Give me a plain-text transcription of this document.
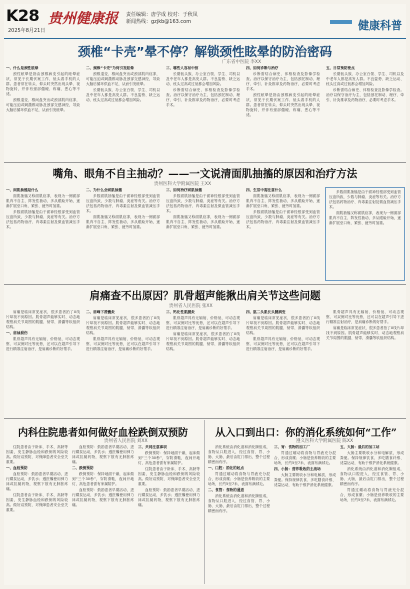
K28 贵州健康报
2025年8月21日
责任编辑：唐学成 校对：于秋凤
新闻热线：gzjkb@163.com	健康科普
颈椎“卡壳”晕不停？解锁颈性眩晕的防治密码
广东省中医院 李XX

一、什么是颈性眩晕

颈性眩晕是指由颈椎病变引起的眩晕症状，常见于长期伏案工作、低头看手机的人群。患者常在转头、仰头时突然出现头晕、视物旋转，并伴有颈部僵硬、疼痛、恶心等不适。

颈椎退变、椎间盘突出或颈部肌肉痉挛，可能压迫或刺激椎动脉及颈部交感神经，导致大脑后循环供血不足，从而引发眩晕。

二、颈椎“卡壳”为何引发眩晕

颈椎退变、椎间盘突出或颈部肌肉痉挛，可能压迫或刺激椎动脉及颈部交感神经，导致大脑后循环供血不足，从而引发眩晕。

长期低头族、办公室白领、学生、司机以及中老年人都是高发人群。不良姿势、缺乏运动、枕头过高或过低都会增加风险。

三、哪些人容易中招

长期低头族、办公室白领、学生、司机以及中老年人都是高发人群。不良姿势、缺乏运动、枕头过高或过低都会增加风险。

诊断需结合病史、体格检查及影像学检查。治疗以保守治疗为主，包括颈托制动、理疗、牵引、针灸推拿及药物治疗，必要时考虑手术。

四、如何诊断与治疗

诊断需结合病史、体格检查及影像学检查。治疗以保守治疗为主，包括颈托制动、理疗、牵引、针灸推拿及药物治疗，必要时考虑手术。

颈性眩晕是指由颈椎病变引起的眩晕症状，常见于长期伏案工作、低头看手机的人群。患者常在转头、仰头时突然出现头晕、视物旋转，并伴有颈部僵硬、疼痛、恶心等不适。

五、日常预防要点

长期低头族、办公室白领、学生、司机以及中老年人都是高发人群。不良姿势、缺乏运动、枕头过高或过低都会增加风险。

诊断需结合病史、体格检查及影像学检查。治疗以保守治疗为主，包括颈托制动、理疗、牵引、针灸推拿及药物治疗，必要时考虑手术。

嘴角、眼角不自主抽动？——一文说清面肌抽搐的原因和治疗方法
贵州医科大学附属医院 王XX

一、面肌抽搐是什么

面肌抽搐又称面肌痉挛，表现为一侧面部肌肉不自主、阵发性抽动，多从眼睑开始，逐渐扩展至口角，紧张、疲劳时加重。

多数面肌抽搐是由于面神经根部受到血管压迫所致，少数与肿瘤、炎症等有关。治疗方法包括药物治疗、肉毒素注射及微血管减压手术。

二、为什么会面肌抽搐

多数面肌抽搐是由于面神经根部受到血管压迫所致，少数与肿瘤、炎症等有关。治疗方法包括药物治疗、肉毒素注射及微血管减压手术。

面肌抽搐又称面肌痉挛，表现为一侧面部肌肉不自主、阵发性抽动，多从眼睑开始，逐渐扩展至口角，紧张、疲劳时加重。

三、如何治疗面肌抽搐

多数面肌抽搐是由于面神经根部受到血管压迫所致，少数与肿瘤、炎症等有关。治疗方法包括药物治疗、肉毒素注射及微血管减压手术。

面肌抽搐又称面肌痉挛，表现为一侧面部肌肉不自主、阵发性抽动，多从眼睑开始，逐渐扩展至口角，紧张、疲劳时加重。

四、生活中需注意什么

面肌抽搐又称面肌痉挛，表现为一侧面部肌肉不自主、阵发性抽动，多从眼睑开始，逐渐扩展至口角，紧张、疲劳时加重。

多数面肌抽搐是由于面神经根部受到血管压迫所致，少数与肿瘤、炎症等有关。治疗方法包括药物治疗、肉毒素注射及微血管减压手术。

多数面肌抽搐是由于面神经根部受到血管压迫所致，少数与肿瘤、炎症等有关。治疗方法包括药物治疗、肉毒素注射及微血管减压手术。

面肌抽搐又称面肌痉挛，表现为一侧面部肌肉不自主、阵发性抽动，多从眼睑开始，逐渐扩展至口角，紧张、疲劳时加重。

肩痛查不出原因？肌骨超声能揪出肩关节这些问题
贵州省人民医院 张XX

肩痛是临床常见症状，很多患者拍了X线片却找不到原因。肌骨超声能够实时、动态地观察肩关节周围的肌腱、韧带、滑囊等软组织结构。

一、肩袖损伤

肌骨超声具有无辐射、价格低、可动态观察、可双侧对比等优势，还可以在超声引导下进行精准注射治疗，是肩痛诊断的好帮手。

二、肩峰下滑囊炎

肩痛是临床常见症状，很多患者拍了X线片却找不到原因。肌骨超声能够实时、动态地观察肩关节周围的肌腱、韧带、滑囊等软组织结构。

肌骨超声具有无辐射、价格低、可动态观察、可双侧对比等优势，还可以在超声引导下进行精准注射治疗，是肩痛诊断的好帮手。

三、钙化性肌腱炎

肌骨超声具有无辐射、价格低、可动态观察、可双侧对比等优势，还可以在超声引导下进行精准注射治疗，是肩痛诊断的好帮手。

肩痛是临床常见症状，很多患者拍了X线片却找不到原因。肌骨超声能够实时、动态地观察肩关节周围的肌腱、韧带、滑囊等软组织结构。

四、肱二头肌长头腱病变

肩痛是临床常见症状，很多患者拍了X线片却找不到原因。肌骨超声能够实时、动态地观察肩关节周围的肌腱、韧带、滑囊等软组织结构。

肌骨超声具有无辐射、价格低、可动态观察、可双侧对比等优势，还可以在超声引导下进行精准注射治疗，是肩痛诊断的好帮手。

肌骨超声具有无辐射、价格低、可动态观察、可双侧对比等优势，还可以在超声引导下进行精准注射治疗，是肩痛诊断的好帮手。

肩痛是临床常见症状，很多患者拍了X线片却找不到原因。肌骨超声能够实时、动态地观察肩关节周围的肌腱、韧带、滑囊等软组织结构。

内科住院患者如何做好血栓跌倒双预防
贵州省人民医院 刘XX

住院患者由于卧床、手术、高龄等因素，发生静脉血栓和跌倒的风险较高。做好双预防，对保障患者安全至关重要。

一、血栓预防

血栓预防：鼓励患者早期活动，进行踝泵运动，多饮水；遵医嘱使用弹力袜或抗凝药物，观察下肢有无肿胀疼痛。

住院患者由于卧床、手术、高龄等因素，发生静脉血栓和跌倒的风险较高。做好双预防，对保障患者安全至关重要。

血栓预防：鼓励患者早期活动，进行踝泵运动，多饮水；遵医嘱使用弹力袜或抗凝药物，观察下肢有无肿胀疼痛。

二、跌倒预防

跌倒预防：保持地面干燥，起床做到“三个30秒”，穿防滑鞋，夜间开地灯，高危患者需有家属陪护。

血栓预防：鼓励患者早期活动，进行踝泵运动，多饮水；遵医嘱使用弹力袜或抗凝药物，观察下肢有无肿胀疼痛。

三、共同注意事项

跌倒预防：保持地面干燥，起床做到“三个30秒”，穿防滑鞋，夜间开地灯，高危患者需有家属陪护。

住院患者由于卧床、手术、高龄等因素，发生静脉血栓和跌倒的风险较高。做好双预防，对保障患者安全至关重要。

血栓预防：鼓励患者早期活动，进行踝泵运动，多饮水；遵医嘱使用弹力袜或抗凝药物，观察下肢有无肿胀疼痛。

从入口到出口：你的消化系统如何“工作”
遵义医科大学附属医院 陈XX

消化系统由消化道和消化腺组成，食物从口腔进入，经过食管、胃、小肠、大肠，最后由肛门排出，整个过程精密而有序。

一、口腔：消化的起点

胃通过蠕动将食物与胃液充分混合，形成食糜；小肠是营养吸收的主要场所，长约5至7米，表面布满绒毛。

二、食管：食物的通道

消化系统由消化道和消化腺组成，食物从口腔进入，经过食管、胃、小肠、大肠，最后由肛门排出，整个过程精密而有序。

三、胃：食物的加工厂

胃通过蠕动将食物与胃液充分混合，形成食糜；小肠是营养吸收的主要场所，长约5至7米，表面布满绒毛。

四、小肠：营养吸收的主战场

大肠主要吸收水分和电解质，形成粪便。保持规律饮食、多吃膳食纤维、适量运动，有助于维护消化系统健康。

五、大肠：最后的加工站

大肠主要吸收水分和电解质，形成粪便。保持规律饮食、多吃膳食纤维、适量运动，有助于维护消化系统健康。

消化系统由消化道和消化腺组成，食物从口腔进入，经过食管、胃、小肠、大肠，最后由肛门排出，整个过程精密而有序。

胃通过蠕动将食物与胃液充分混合，形成食糜；小肠是营养吸收的主要场所，长约5至7米，表面布满绒毛。
